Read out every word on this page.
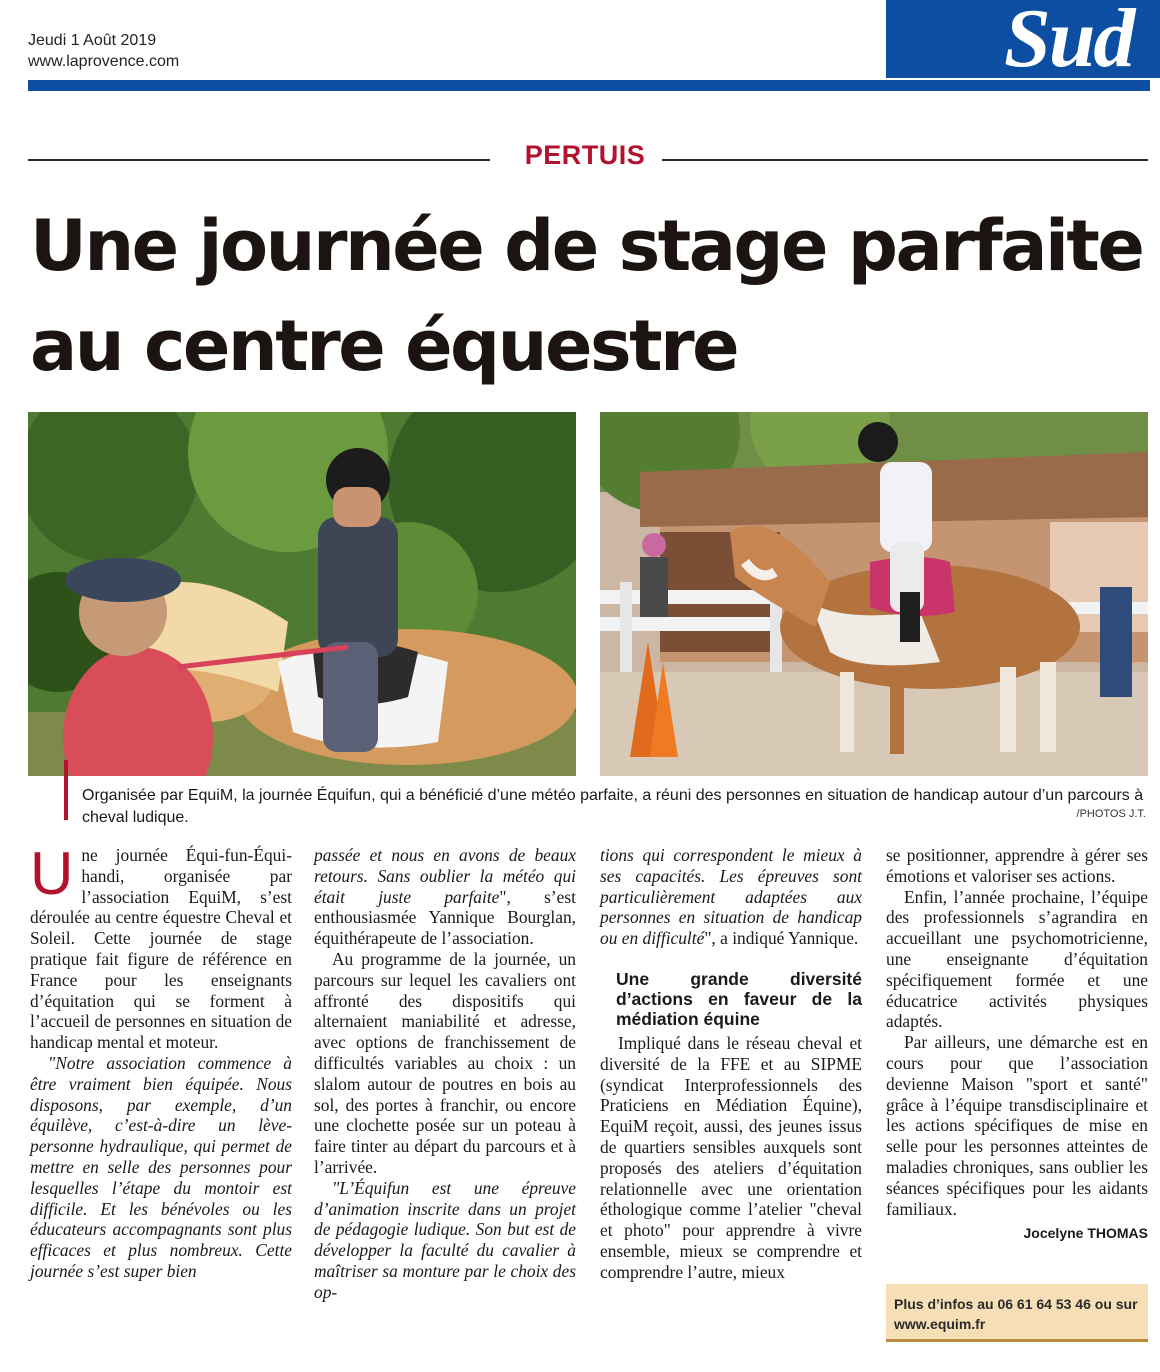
Jeudi 1 Août 2019
www.laprovence.com	Sud
PERTUIS
Une journée de stage parfaite
au centre équestre
Organisée par EquiM, la journée Équifun, qui a bénéficié d’une météo parfaite, a réuni des personnes en situation de handicap autour d’un parcours à cheval ludique.	/PHOTOS J.T.

U ne journée Équi-fun-Équi-handi, organisée par l’association EquiM, s’est déroulée au centre équestre Cheval et Soleil. Cette journée de stage pratique fait figure de référence en France pour les enseignants d’équitation qui se forment à l’accueil de personnes en situation de handicap mental et moteur.

"Notre association commence à être vraiment bien équipée. Nous disposons, par exemple, d’un équilève, c’est-à-dire un lève-personne hydraulique, qui permet de mettre en selle des personnes pour lesquelles l’étape du montoir est difficile. Et les bénévoles ou les éducateurs accompagnants sont plus efficaces et plus nombreux. Cette journée s’est super bien

passée et nous en avons de beaux retours. Sans oublier la météo qui était juste parfaite", s’est enthousiasmée Yannique Bourglan, équithérapeute de l’association.

Au programme de la journée, un parcours sur lequel les cavaliers ont affronté des dispositifs qui alternaient maniabilité et adresse, avec options de franchissement de difficultés variables au choix : un slalom autour de poutres en bois au sol, des portes à franchir, ou encore une clochette posée sur un poteau à faire tinter au départ du parcours et à l’arrivée.

"L’Équifun est une épreuve d’animation inscrite dans un projet de pédagogie ludique. Son but est de développer la faculté du cavalier à maîtriser sa monture par le choix des op-

tions qui correspondent le mieux à ses capacités. Les épreuves sont particulièrement adaptées aux personnes en situation de handicap ou en difficulté", a indiqué Yannique.

Une grande diversité d’actions en faveur de la médiation équine

Impliqué dans le réseau cheval et diversité de la FFE et au SIPME (syndicat Interprofessionnels des Praticiens en Médiation Équine), EquiM reçoit, aussi, des jeunes issus de quartiers sensibles auxquels sont proposés des ateliers d’équitation relationnelle avec une orientation éthologique comme l’atelier "cheval et photo" pour apprendre à vivre ensemble, mieux se comprendre et comprendre l’autre, mieux

se positionner, apprendre à gérer ses émotions et valoriser ses actions.

Enfin, l’année prochaine, l’équipe des professionnels s’agrandira en accueillant une psychomotricienne, une enseignante d’équitation spécifiquement formée et une éducatrice activités physiques adaptés.

Par ailleurs, une démarche est en cours pour que l’association devienne Maison "sport et santé" grâce à l’équipe transdisciplinaire et les actions spécifiques de mise en selle pour les personnes atteintes de maladies chroniques, sans oublier les séances spécifiques pour les aidants familiaux.

Jocelyne THOMAS
Plus d’infos au 06 61 64 53 46 ou sur
www.equim.fr
